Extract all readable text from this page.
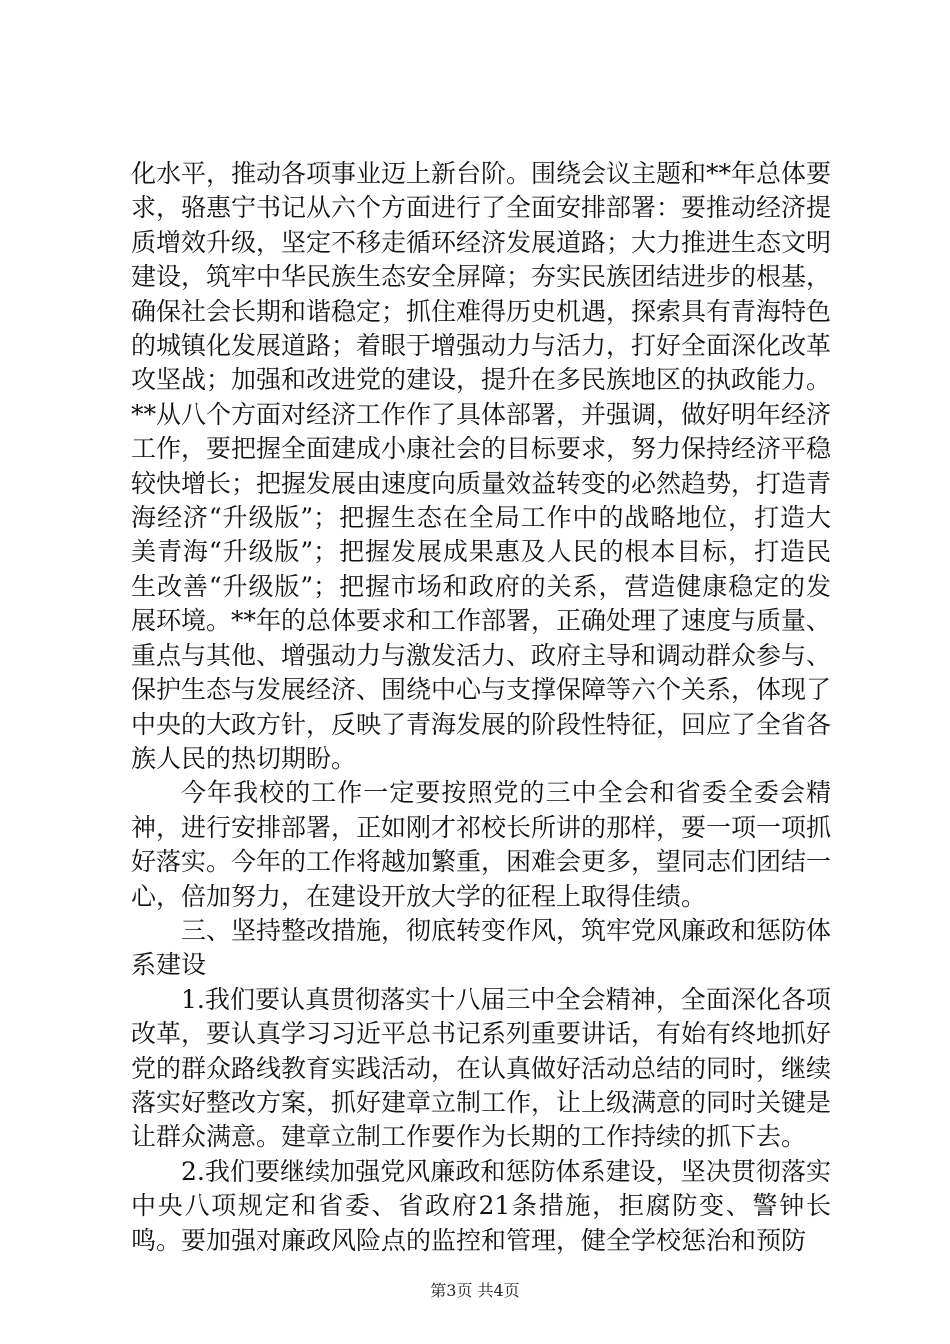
化水平，推动各项事业迈上新台阶。围绕会议主题和**年总体要求，骆惠宁书记从六个方面进行了全面安排部署：要推动经济提质增效升级，坚定不移走循环经济发展道路；大力推进生态文明建设，筑牢中华民族生态安全屏障；夯实民族团结进步的根基，确保社会长期和谐稳定；抓住难得历史机遇，探索具有青海特色的城镇化发展道路；着眼于增强动力与活力，打好全面深化改革攻坚战；加强和改进党的建设，提升在多民族地区的执政能力。**从八个方面对经济工作作了具体部署，并强调，做好明年经济工作，要把握全面建成小康社会的目标要求，努力保持经济平稳较快增长；把握发展由速度向质量效益转变的必然趋势，打造青海经济“升级版”；把握生态在全局工作中的战略地位，打造大美青海“升级版”；把握发展成果惠及人民的根本目标，打造民生改善“升级版”；把握市场和政府的关系，营造健康稳定的发展环境。**年的总体要求和工作部署，正确处理了速度与质量、重点与其他、增强动力与激发活力、政府主导和调动群众参与、保护生态与发展经济、围绕中心与支撑保障等六个关系，体现了中央的大政方针，反映了青海发展的阶段性特征，回应了全省各族人民的热切期盼。

今年我校的工作一定要按照党的三中全会和省委全委会精神，进行安排部署，正如刚才祁校长所讲的那样，要一项一项抓好落实。今年的工作将越加繁重，困难会更多，望同志们团结一心，倍加努力，在建设开放大学的征程上取得佳绩。

三、坚持整改措施，彻底转变作风，筑牢党风廉政和惩防体系建设

1.我们要认真贯彻落实十八届三中全会精神，全面深化各项改革，要认真学习习近平总书记系列重要讲话，有始有终地抓好党的群众路线教育实践活动，在认真做好活动总结的同时，继续落实好整改方案，抓好建章立制工作，让上级满意的同时关键是让群众满意。建章立制工作要作为长期的工作持续的抓下去。

2.我们要继续加强党风廉政和惩防体系建设，坚决贯彻落实中央八项规定和省委、省政府21条措施，拒腐防变、警钟长鸣。要加强对廉政风险点的监控和管理，健全学校惩治和预防

第3页 共4页
